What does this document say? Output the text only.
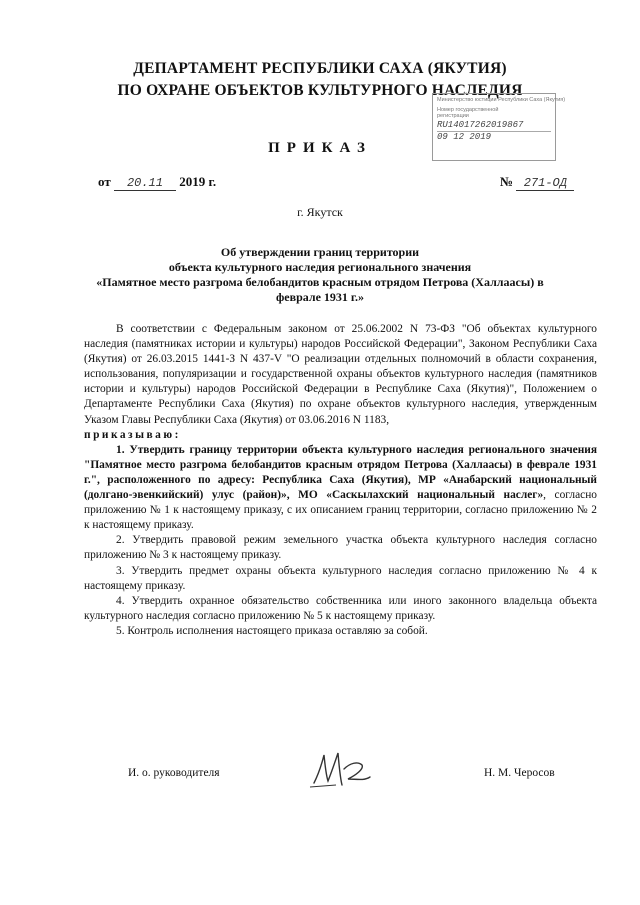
ДЕПАРТАМЕНТ РЕСПУБЛИКИ САХА (ЯКУТИЯ)
ПО ОХРАНЕ ОБЪЕКТОВ КУЛЬТУРНОГО НАСЛЕДИЯ
Министерство юстиции Республики Саха (Якутия)
Номер государственной
регистрации
RU14017262019867
09 12 2019
ПРИКАЗ
от 20.11 2019 г.	№ 271-ОД
г. Якутск
Об утверждении границ территории
объекта культурного наследия регионального значения
«Памятное место разгрома белобандитов красным отрядом Петрова (Халлаасы) в феврале 1931 г.»

В соответствии с Федеральным законом от 25.06.2002 N 73-ФЗ "Об объектах культурного наследия (памятниках истории и культуры) народов Российской Федерации", Законом Республики Саха (Якутия) от 26.03.2015 1441-З N 437-V "О реализации отдельных полномочий в области сохранения, использования, популяризации и государственной охраны объектов культурного наследия (памятников истории и культуры) народов Российской Федерации в Республике Саха (Якутия)", Положением о Департаменте Республики Саха (Якутия) по охране объектов культурного наследия, утвержденным Указом Главы Республики Саха (Якутия) от 03.06.2016 N 1183,

приказываю:

1. Утвердить границу территории объекта культурного наследия регионального значения "Памятное место разгрома белобандитов красным отрядом Петрова (Халлаасы) в феврале 1931 г.", расположенного по адресу: Республика Саха (Якутия), МР «Анабарский национальный (долгано-эвенкийский) улус (район)», МО «Саскылахский национальный наслег», согласно приложению № 1 к настоящему приказу, с их описанием границ территории, согласно приложению № 2 к настоящему приказу.

2. Утвердить правовой режим земельного участка объекта культурного наследия согласно приложению № 3 к настоящему приказу.

3. Утвердить предмет охраны объекта культурного наследия согласно приложению № 4 к настоящему приказу.

4. Утвердить охранное обязательство собственника или иного законного владельца объекта культурного наследия согласно приложению № 5 к настоящему приказу.

5. Контроль исполнения настоящего приказа оставляю за собой.

И. о. руководителя	Н. М. Черосов
